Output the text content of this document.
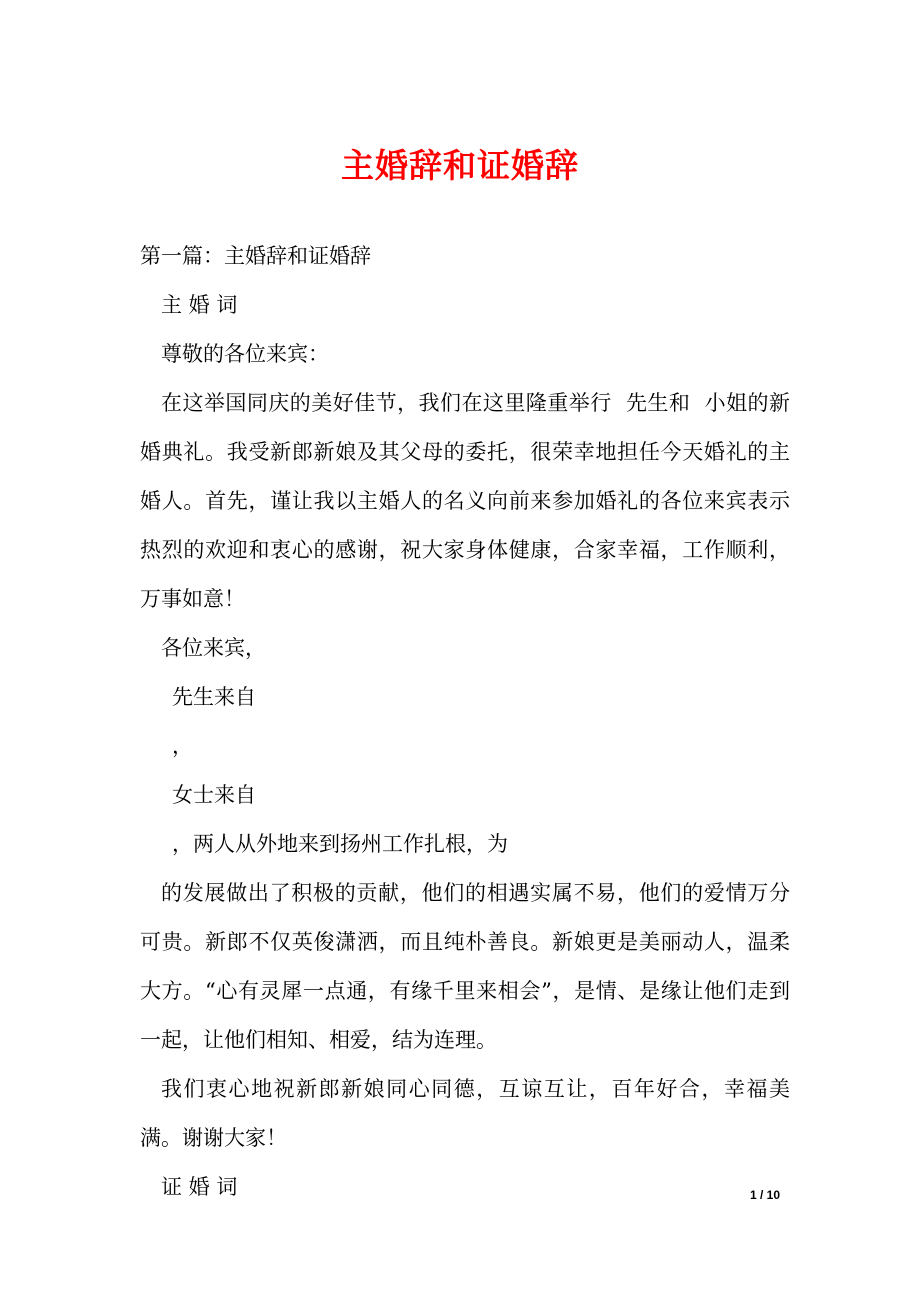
主婚辞和证婚辞

第一篇：主婚辞和证婚辞

主 婚 词

尊敬的各位来宾：

在这举国同庆的美好佳节，我们在这里隆重举行  先生和  小姐的新婚典礼。我受新郎新娘及其父母的委托，很荣幸地担任今天婚礼的主婚人。首先，谨让我以主婚人的名义向前来参加婚礼的各位来宾表示热烈的欢迎和衷心的感谢，祝大家身体健康，合家幸福，工作顺利，万事如意！

各位来宾，

先生来自

，

女士来自

，两人从外地来到扬州工作扎根，为

的发展做出了积极的贡献，他们的相遇实属不易，他们的爱情万分可贵。新郎不仅英俊潇洒，而且纯朴善良。新娘更是美丽动人，温柔大方。“心有灵犀一点通，有缘千里来相会”，是情、是缘让他们走到一起，让他们相知、相爱，结为连理。

我们衷心地祝新郎新娘同心同德，互谅互让，百年好合，幸福美满。谢谢大家！

证 婚 词	1 / 10
